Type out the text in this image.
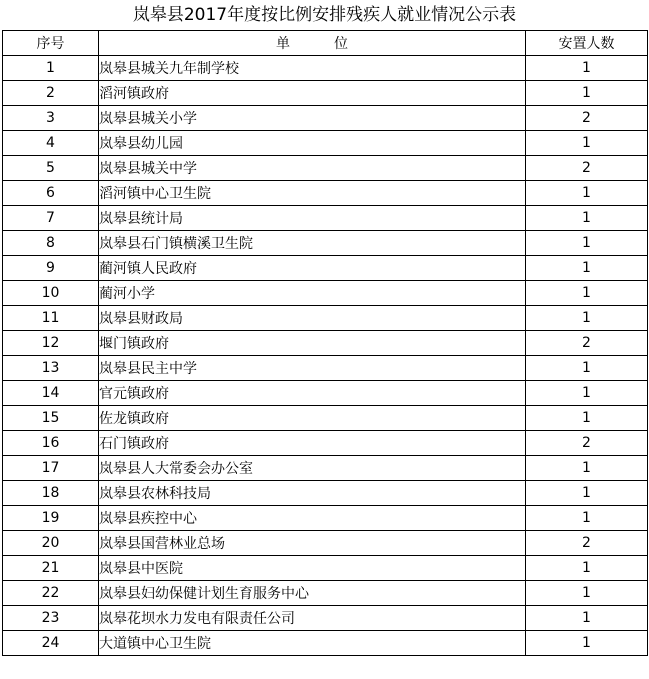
岚皋县2017年度按比例安排残疾人就业情况公示表
序号	单 位	安置人数
1	岚皋县城关九年制学校	1
2	滔河镇政府	1
3	岚皋县城关小学	2
4	岚皋县幼儿园	1
5	岚皋县城关中学	2
6	滔河镇中心卫生院	1
7	岚皋县统计局	1
8	岚皋县石门镇横溪卫生院	1
9	蔺河镇人民政府	1
10	蔺河小学	1
11	岚皋县财政局	1
12	堰门镇政府	2
13	岚皋县民主中学	1
14	官元镇政府	1
15	佐龙镇政府	1
16	石门镇政府	2
17	岚皋县人大常委会办公室	1
18	岚皋县农林科技局	1
19	岚皋县疾控中心	1
20	岚皋县国营林业总场	2
21	岚皋县中医院	1
22	岚皋县妇幼保健计划生育服务中心	1
23	岚皋花坝水力发电有限责任公司	1
24	大道镇中心卫生院	1
